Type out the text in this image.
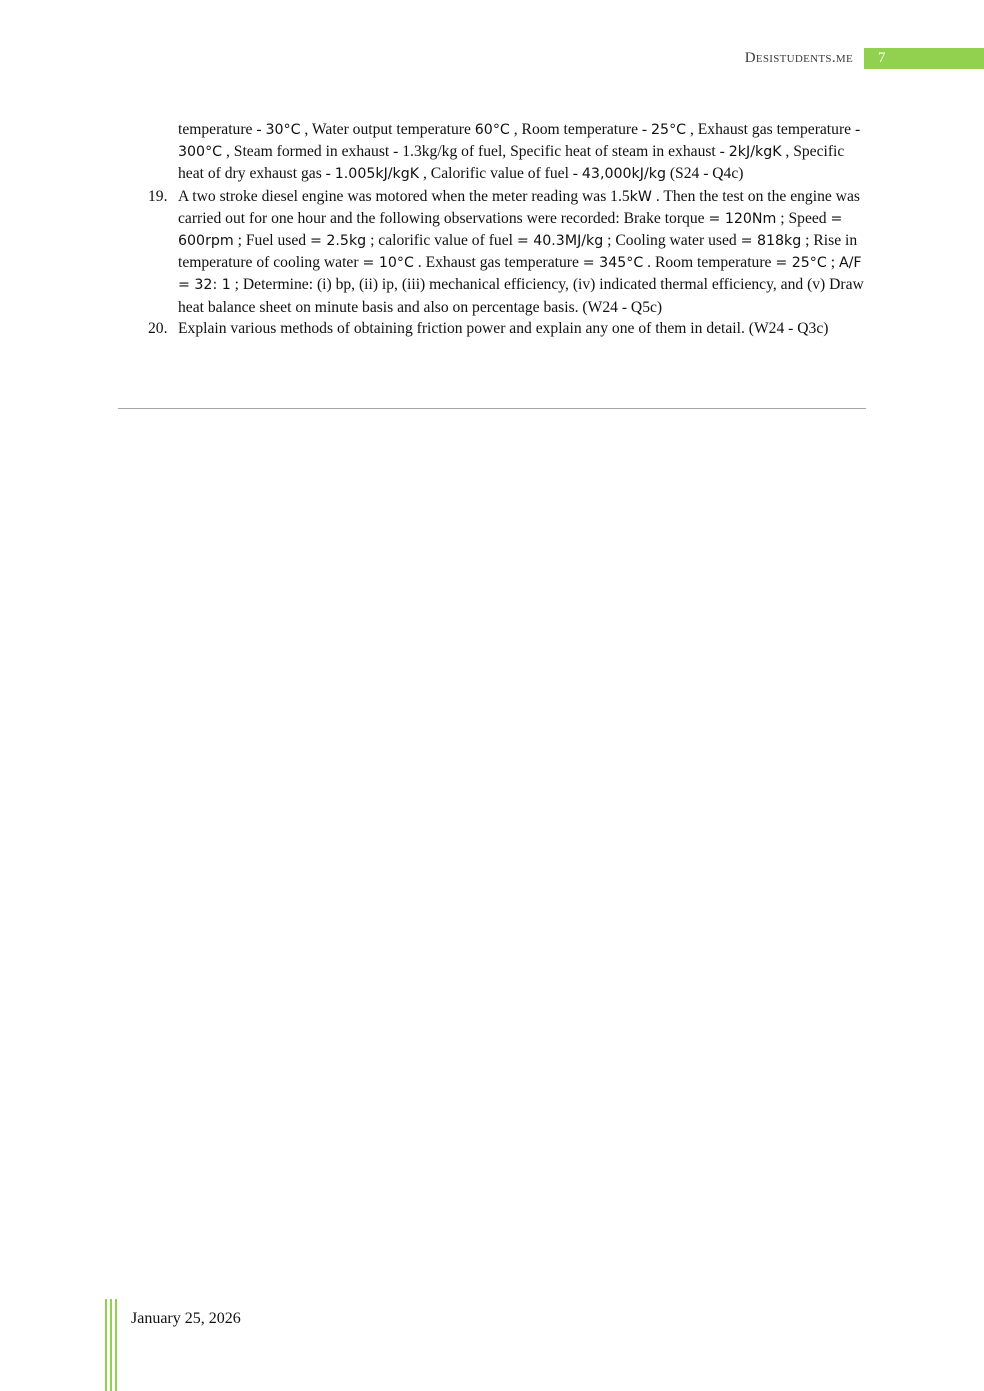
Desistudents.me	7

temperature - 30°C , Water output temperature 60°C , Room temperature - 25°C , Exhaust gas temperature - 300°C , Steam formed in exhaust - 1.3kg/kg of fuel, Specific heat of steam in exhaust - 2kJ/kgK , Specific heat of dry exhaust gas - 1.005kJ/kgK , Calorific value of fuel - 43,000kJ/kg (S24 - Q4c)

19. A two stroke diesel engine was motored when the meter reading was 1.5kW . Then the test on the engine was carried out for one hour and the following observations were recorded: Brake torque = 120Nm ; Speed = 600rpm ; Fuel used = 2.5kg ; calorific value of fuel = 40.3MJ/kg ; Cooling water used = 818kg ; Rise in temperature of cooling water = 10°C . Exhaust gas temperature = 345°C . Room temperature = 25°C ; A/F = 32: 1 ; Determine: (i) bp, (ii) ip, (iii) mechanical efficiency, (iv) indicated thermal efficiency, and (v) Draw heat balance sheet on minute basis and also on percentage basis. (W24 - Q5c)

20. Explain various methods of obtaining friction power and explain any one of them in detail. (W24 - Q3c)

January 25, 2026
